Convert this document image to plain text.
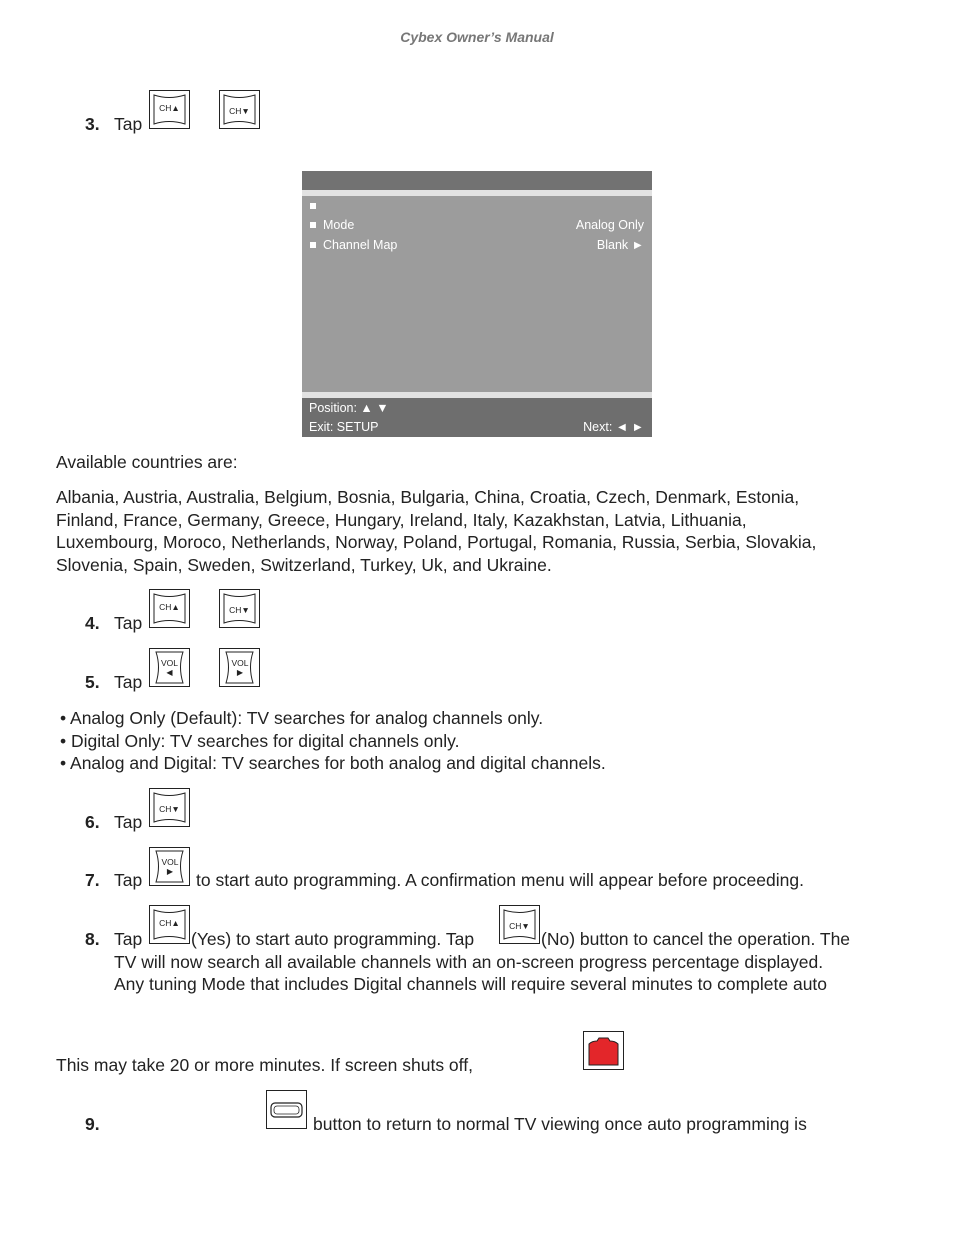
Cybex Owner’s Manual
3. Tap
CH▲	CH▼
Mode	Analog Only
Channel Map	Blank ►
Position: ▲ ▼
Exit: SETUP	Next: ◄ ►
Available countries are:
Albania, Austria, Australia, Belgium, Bosnia, Bulgaria, China, Croatia, Czech, Denmark, Estonia,
Finland, France, Germany, Greece, Hungary, Ireland, Italy, Kazakhstan, Latvia, Lithuania,
Luxembourg, Moroco, Netherlands, Norway, Poland, Portugal, Romania, Russia, Serbia, Slovakia,
Slovenia, Spain, Sweden, Switzerland, Turkey, Uk, and Ukraine.
4. Tap
CH▲	CH▼
5. Tap
VOL
◀
VOL
▶
• Analog Only (Default): TV searches for analog channels only.
• Digital Only: TV searches for digital channels only.
• Analog and Digital: TV searches for both analog and digital channels.
6. Tap
CH▼
7. Tap
VOL
▶ to start auto programming. A confirmation menu will appear before proceeding.
8. Tap
CH▲
(Yes) to start auto programming. Tap
CH▼
(No) button to cancel the operation. The
TV will now search all available channels with an on-screen progress percentage displayed.
Any tuning Mode that includes Digital channels will require several minutes to complete auto
This may take 20 or more minutes. If screen shuts off,
9.	button to return to normal TV viewing once auto programming is
